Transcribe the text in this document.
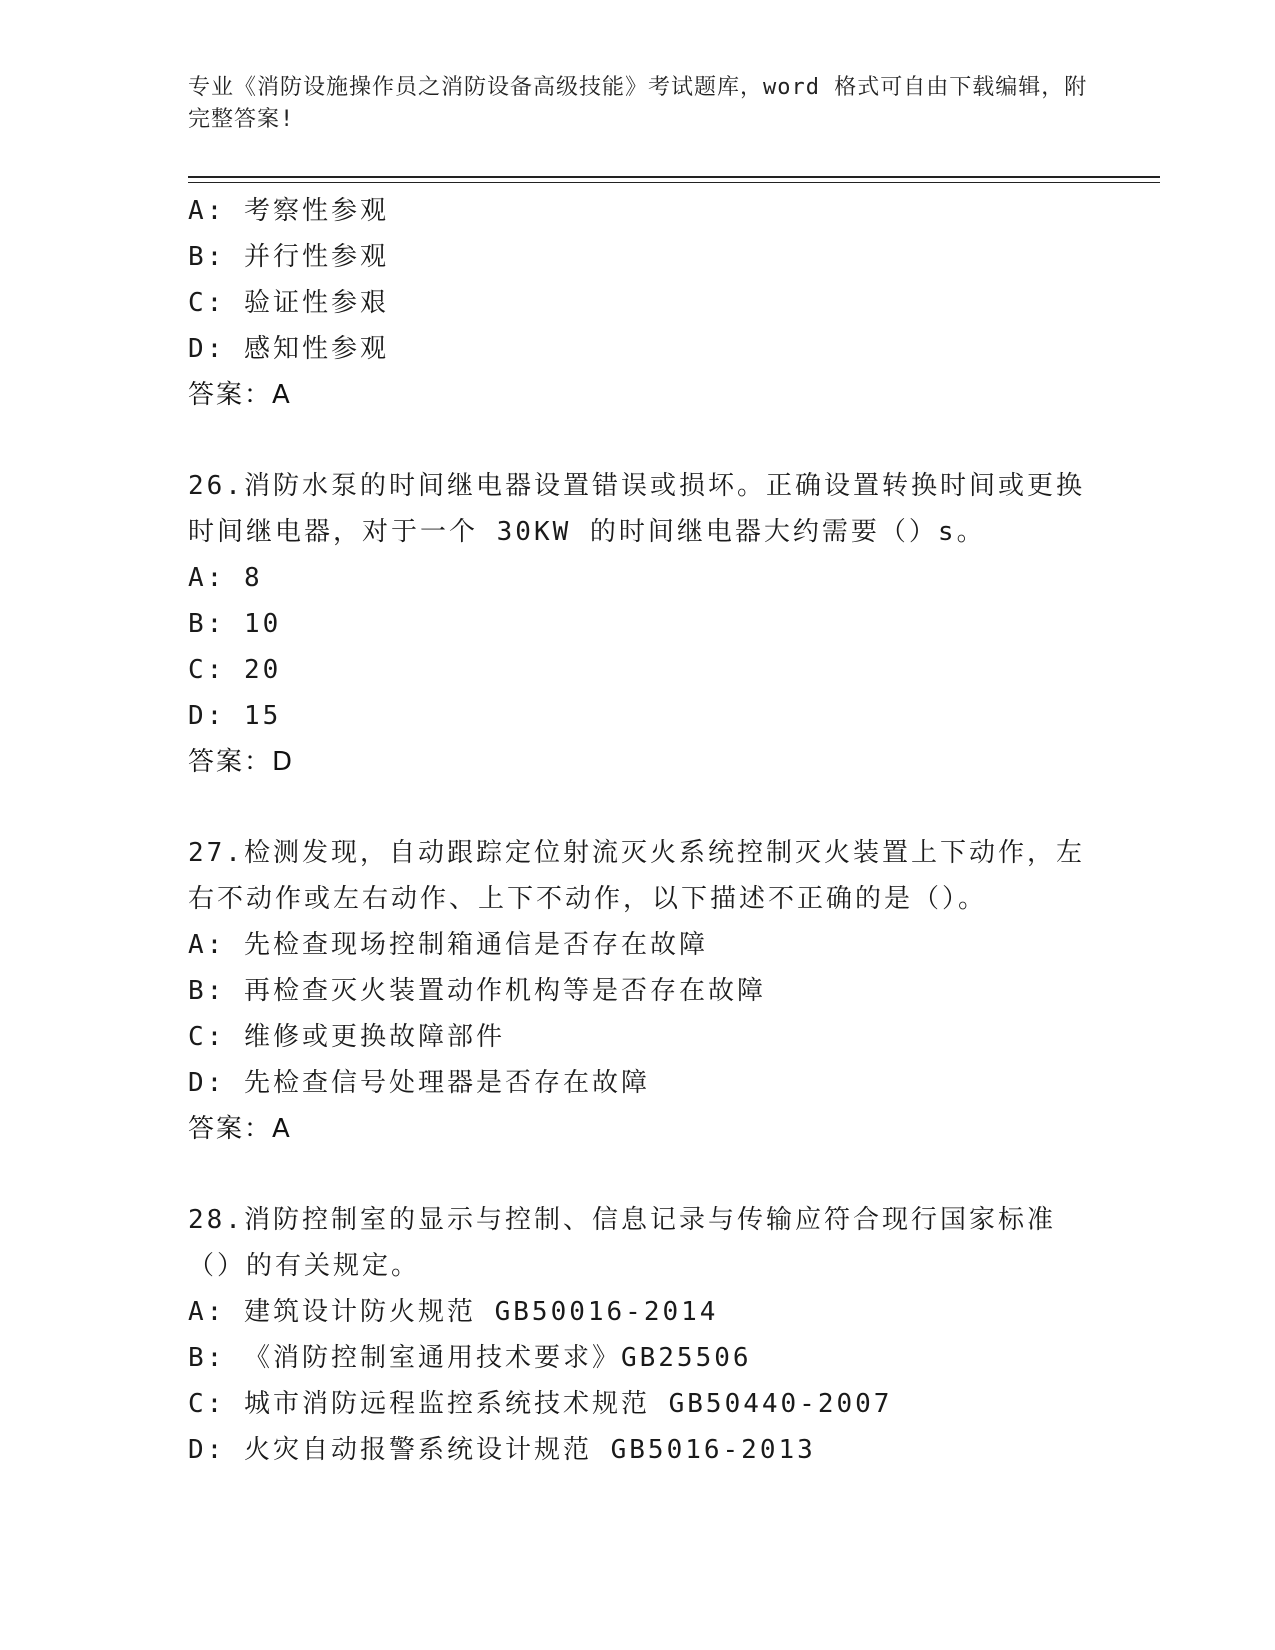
专业《消防设施操作员之消防设备高级技能》考试题库，word 格式可自由下载编辑，附完整答案!
A: 考察性参观
B: 并行性参观
C: 验证性参艰
D: 感知性参观
答案：A
26.消防水泵的时间继电器设置错误或损坏。正确设置转换时间或更换时间继电器，对于一个 30KW 的时间继电器大约需要（）s。
A: 8
B: 10
C: 20
D: 15
答案：D
27.检测发现，自动跟踪定位射流灭火系统控制灭火装置上下动作，左右不动作或左右动作、上下不动作，以下描述不正确的是（）。
A: 先检查现场控制箱通信是否存在故障
B: 再检查灭火装置动作机构等是否存在故障
C: 维修或更换故障部件
D: 先检查信号处理器是否存在故障
答案：A
28.消防控制室的显示与控制、信息记录与传输应符合现行国家标准（）的有关规定。
A: 建筑设计防火规范 GB50016-2014
B: 《消防控制室通用技术要求》GB25506
C: 城市消防远程监控系统技术规范 GB50440-2007
D: 火灾自动报警系统设计规范 GB5016-2013
